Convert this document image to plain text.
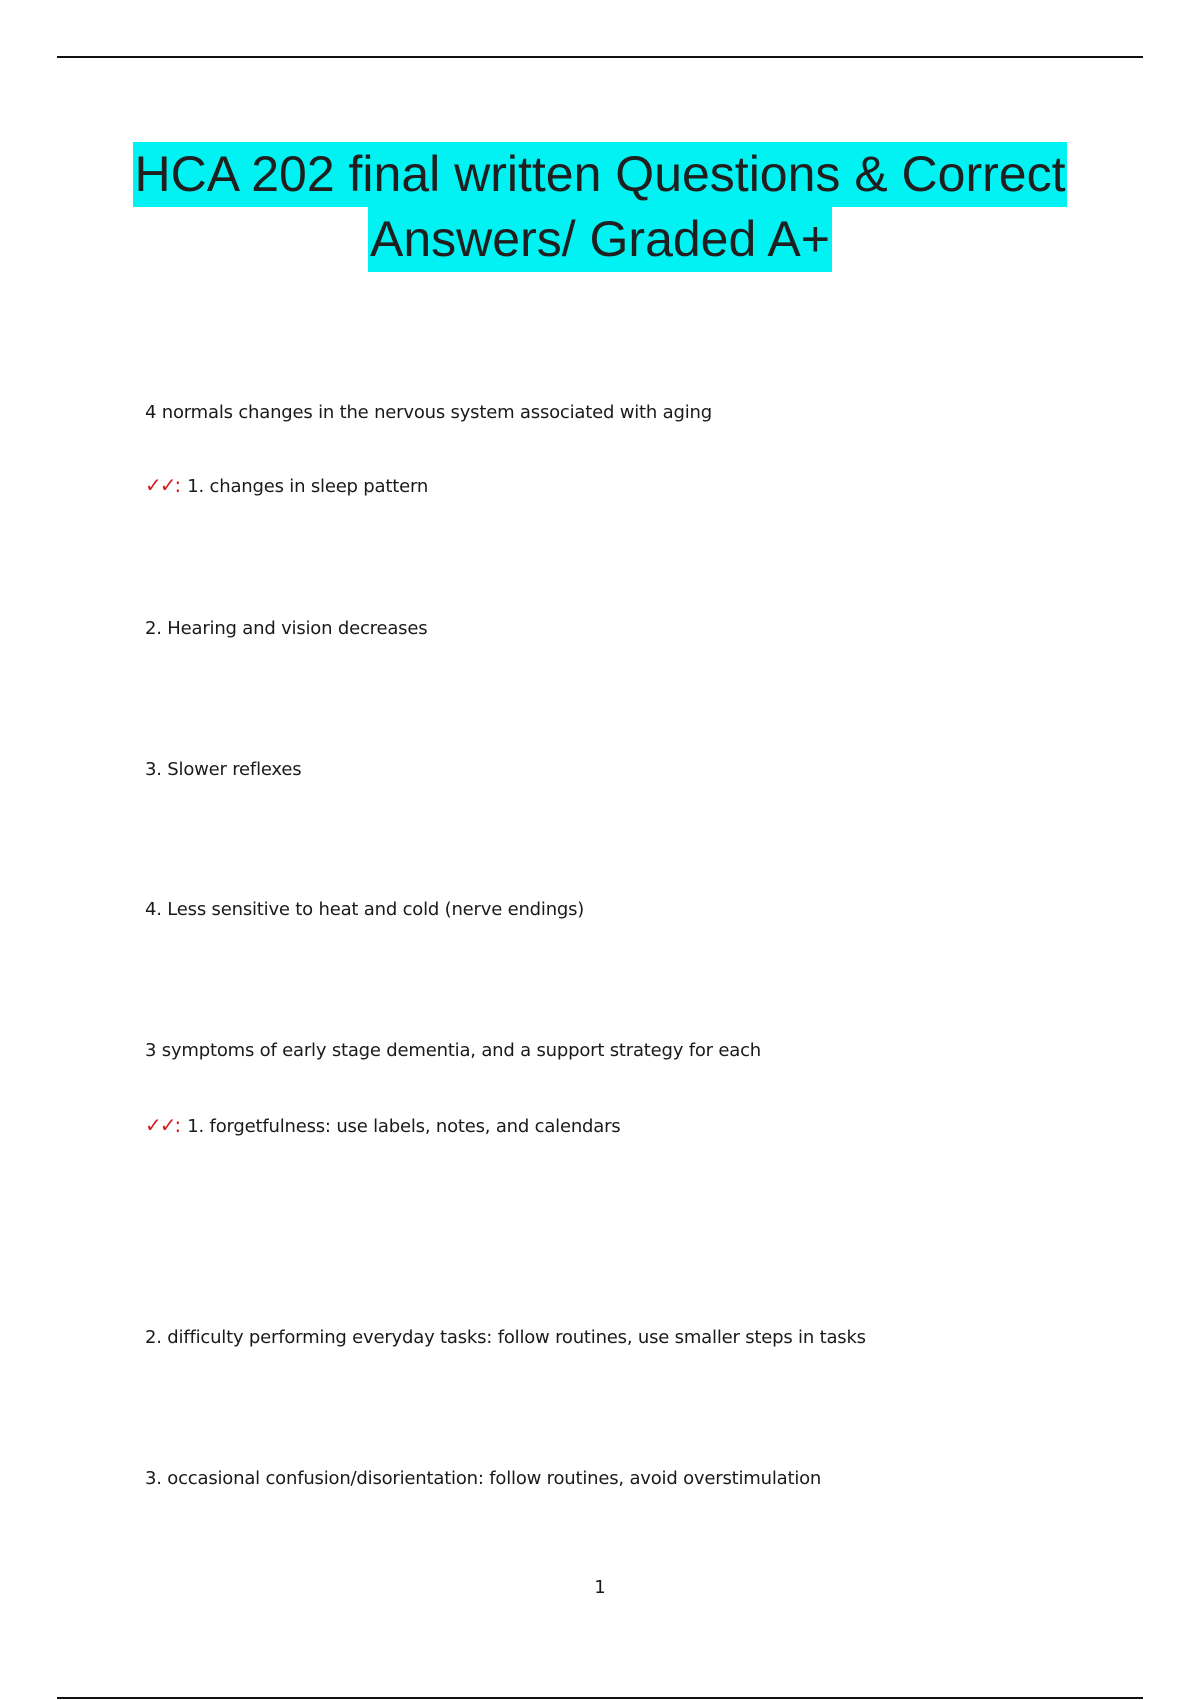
HCA 202 final written Questions & Correct
Answers/ Graded A+
4 normals changes in the nervous system associated with aging
✓✓: 1. changes in sleep pattern
2. Hearing and vision decreases
3. Slower reflexes
4. Less sensitive to heat and cold (nerve endings)
3 symptoms of early stage dementia, and a support strategy for each
✓✓: 1. forgetfulness: use labels, notes, and calendars
2. difficulty performing everyday tasks: follow routines, use smaller steps in tasks
3. occasional confusion/disorientation: follow routines, avoid overstimulation
1
